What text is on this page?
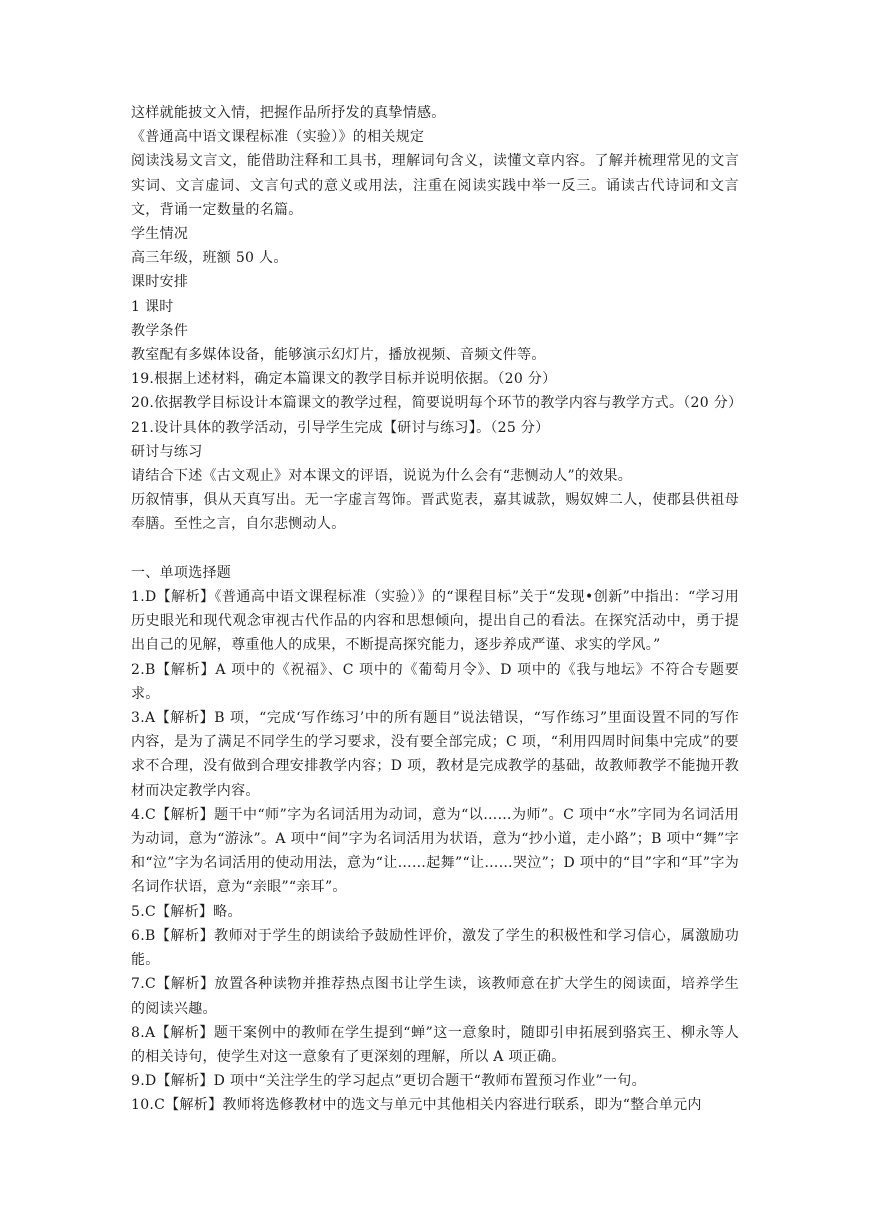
这样就能披文入情，把握作品所抒发的真挚情感。

《普通高中语文课程标准（实验）》的相关规定

阅读浅易文言文，能借助注释和工具书，理解词句含义，读懂文章内容。了解并梳理常见的文言实词、文言虚词、文言句式的意义或用法，注重在阅读实践中举一反三。诵读古代诗词和文言文，背诵一定数量的名篇。

学生情况

高三年级，班额 50 人。

课时安排

1 课时

教学条件

教室配有多媒体设备，能够演示幻灯片，播放视频、音频文件等。

19.根据上述材料，确定本篇课文的教学目标并说明依据。（20 分）

20.依据教学目标设计本篇课文的教学过程，简要说明每个环节的教学内容与教学方式。（20 分）

21.设计具体的教学活动，引导学生完成【研讨与练习】。（25 分）

研讨与练习

请结合下述《古文观止》对本课文的评语，说说为什么会有“悲恻动人”的效果。

历叙情事，俱从天真写出。无一字虚言驾饰。晋武览表，嘉其诚款，赐奴婢二人，使郡县供祖母奉膳。至性之言，自尔悲恻动人。

一、单项选择题

1.D【解析】《普通高中语文课程标准（实验）》的“课程目标”关于“发现•创新”中指出：“学习用历史眼光和现代观念审视古代作品的内容和思想倾向，提出自己的看法。在探究活动中，勇于提出自己的见解，尊重他人的成果，不断提高探究能力，逐步养成严谨、求实的学风。”

2.B【解析】A 项中的《祝福》、C 项中的《葡萄月令》、D 项中的《我与地坛》不符合专题要求。

3.A【解析】B 项，“完成‘写作练习’中的所有题目”说法错误，“写作练习”里面设置不同的写作内容，是为了满足不同学生的学习要求，没有要全部完成；C 项，“利用四周时间集中完成”的要求不合理，没有做到合理安排教学内容；D 项，教材是完成教学的基础，故教师教学不能抛开教材而决定教学内容。

4.C【解析】题干中“师”字为名词活用为动词，意为“以……为师”。C 项中“水”字同为名词活用为动词，意为“游泳”。A 项中“间”字为名词活用为状语，意为“抄小道，走小路”；B 项中“舞”字和“泣”字为名词活用的使动用法，意为“让……起舞”“让……哭泣”；D 项中的“目”字和“耳”字为名词作状语，意为“亲眼”“亲耳”。

5.C【解析】略。

6.B【解析】教师对于学生的朗读给予鼓励性评价，激发了学生的积极性和学习信心，属激励功能。

7.C【解析】放置各种读物并推荐热点图书让学生读，该教师意在扩大学生的阅读面，培养学生的阅读兴趣。

8.A【解析】题干案例中的教师在学生提到“蝉”这一意象时，随即引申拓展到骆宾王、柳永等人的相关诗句，使学生对这一意象有了更深刻的理解，所以 A 项正确。

9.D【解析】D 项中“关注学生的学习起点”更切合题干“教师布置预习作业”一句。

10.C【解析】教师将选修教材中的选文与单元中其他相关内容进行联系，即为“整合单元内
